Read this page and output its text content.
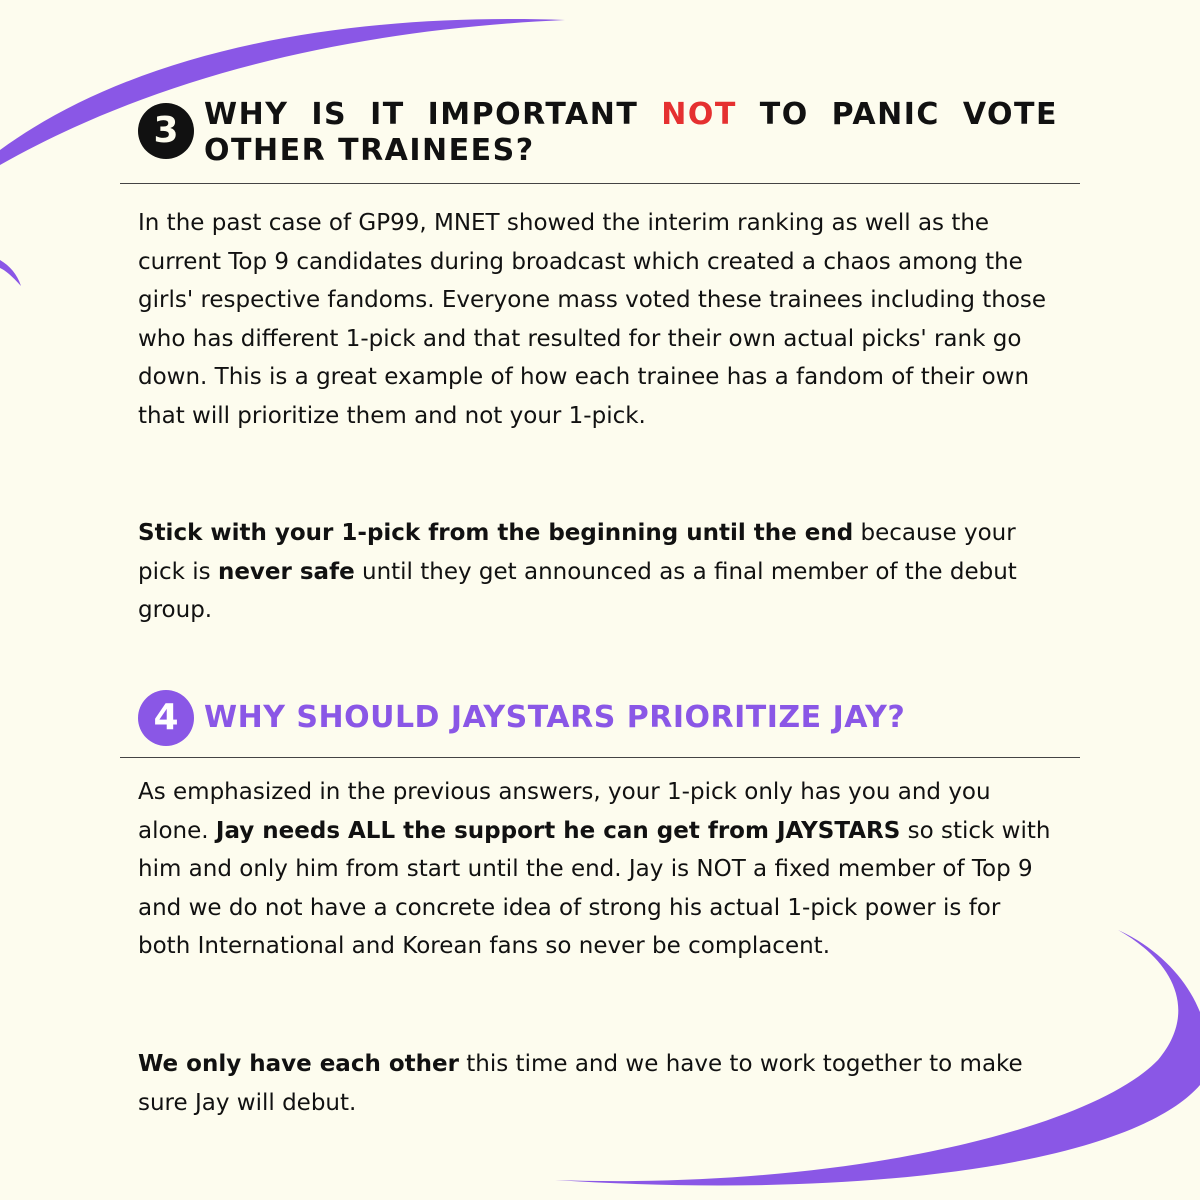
3 WHY IS IT IMPORTANT NOT TO PANIC VOTE OTHER TRAINEES?

In the past case of GP99, MNET showed the interim ranking as well as the current Top 9 candidates during broadcast which created a chaos among the girls' respective fandoms. Everyone mass voted these trainees including those who has different 1-pick and that resulted for their own actual picks' rank go down. This is a great example of how each trainee has a fandom of their own that will prioritize them and not your 1-pick.

Stick with your 1-pick from the beginning until the end because your pick is never safe until they get announced as a final member of the debut group.

4 WHY SHOULD JAYSTARS PRIORITIZE JAY?

As emphasized in the previous answers, your 1-pick only has you and you alone. Jay needs ALL the support he can get from JAYSTARS so stick with him and only him from start until the end. Jay is NOT a fixed member of Top 9 and we do not have a concrete idea of strong his actual 1-pick power is for both International and Korean fans so never be complacent.

We only have each other this time and we have to work together to make sure Jay will debut.
